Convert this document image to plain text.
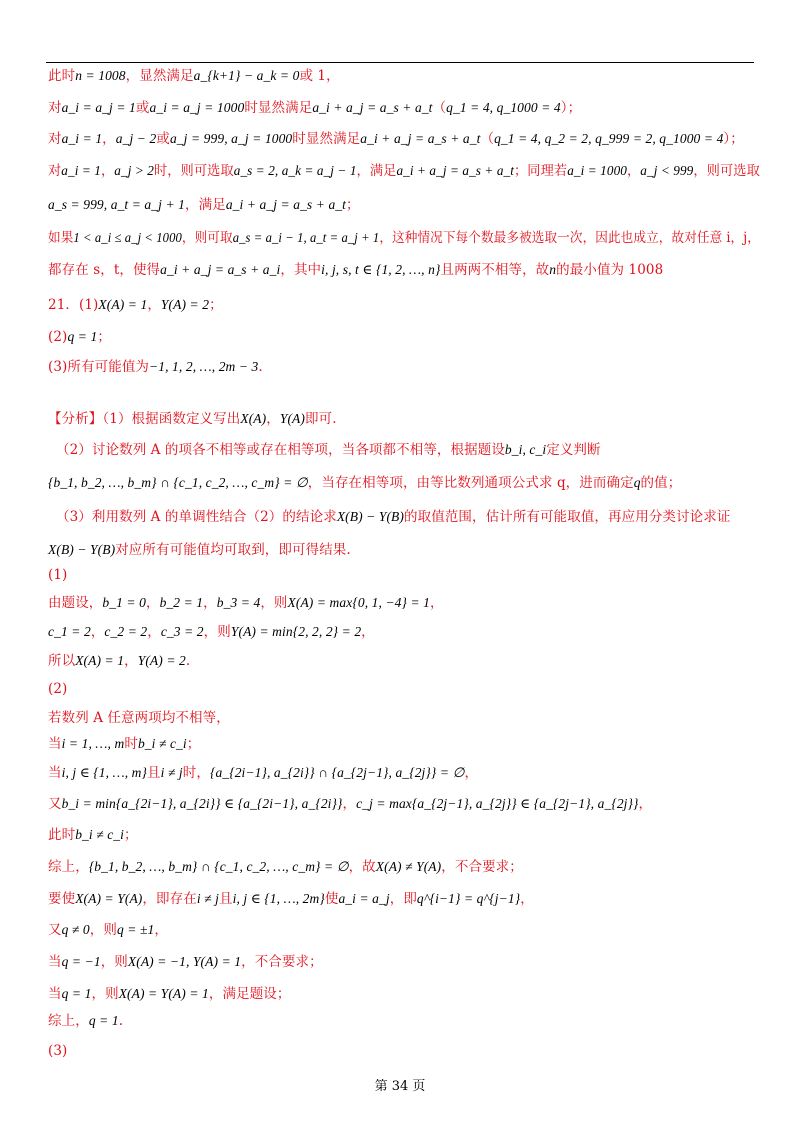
此时n = 1008，显然满足a_{k+1} − a_k = 0或 1，
对a_i = a_j = 1或a_i = a_j = 1000时显然满足a_i + a_j = a_s + a_t（q_1 = 4, q_1000 = 4）；
对a_i = 1，a_j − 2或a_j = 999, a_j = 1000时显然满足a_i + a_j = a_s + a_t（q_1 = 4, q_2 = 2, q_999 = 2, q_1000 = 4）；
对a_i = 1，a_j > 2时，则可选取a_s = 2, a_k = a_j − 1，满足a_i + a_j = a_s + a_t；同理若a_i = 1000，a_j < 999，则可选取
a_s = 999, a_t = a_j + 1，满足a_i + a_j = a_s + a_t；
如果1 < a_i ≤ a_j < 1000，则可取a_s = a_i − 1, a_t = a_j + 1，这种情况下每个数最多被选取一次，因此也成立，故对任意 i，j，
都存在 s，t，使得a_i + a_j = a_s + a_i，其中i, j, s, t ∈ {1, 2, …, n}且两两不相等，故n的最小值为 1008
21．(1)X(A) = 1，Y(A) = 2；
(2)q = 1；
(3)所有可能值为−1, 1, 2, …, 2m − 3.
【分析】（1）根据函数定义写出X(A)，Y(A)即可.
（2）讨论数列 A 的项各不相等或存在相等项，当各项都不相等，根据题设b_i, c_i定义判断
{b_1, b_2, …, b_m} ∩ {c_1, c_2, …, c_m} = ∅，当存在相等项，由等比数列通项公式求 q，进而确定q的值；
（3）利用数列 A 的单调性结合（2）的结论求X(B) − Y(B)的取值范围，估计所有可能取值，再应用分类讨论求证
X(B) − Y(B)对应所有可能值均可取到，即可得结果.
(1)
由题设，b_1 = 0，b_2 = 1，b_3 = 4，则X(A) = max{0, 1, −4} = 1，
c_1 = 2，c_2 = 2，c_3 = 2，则Y(A) = min{2, 2, 2} = 2，
所以X(A) = 1，Y(A) = 2.
(2)
若数列 A 任意两项均不相等，
当i = 1, …, m时b_i ≠ c_i；
当i, j ∈ {1, …, m}且i ≠ j时，{a_{2i−1}, a_{2i}} ∩ {a_{2j−1}, a_{2j}} = ∅，
又b_i = min{a_{2i−1}, a_{2i}} ∈ {a_{2i−1}, a_{2i}}，c_j = max{a_{2j−1}, a_{2j}} ∈ {a_{2j−1}, a_{2j}}，
此时b_i ≠ c_i；
综上，{b_1, b_2, …, b_m} ∩ {c_1, c_2, …, c_m} = ∅，故X(A) ≠ Y(A)，不合要求；
要使X(A) = Y(A)，即存在i ≠ j且i, j ∈ {1, …, 2m}使a_i = a_j，即q^{i−1} = q^{j−1}，
又q ≠ 0，则q = ±1，
当q = −1，则X(A) = −1, Y(A) = 1，不合要求；
当q = 1，则X(A) = Y(A) = 1，满足题设；
综上，q = 1.
(3)
第 34 页
